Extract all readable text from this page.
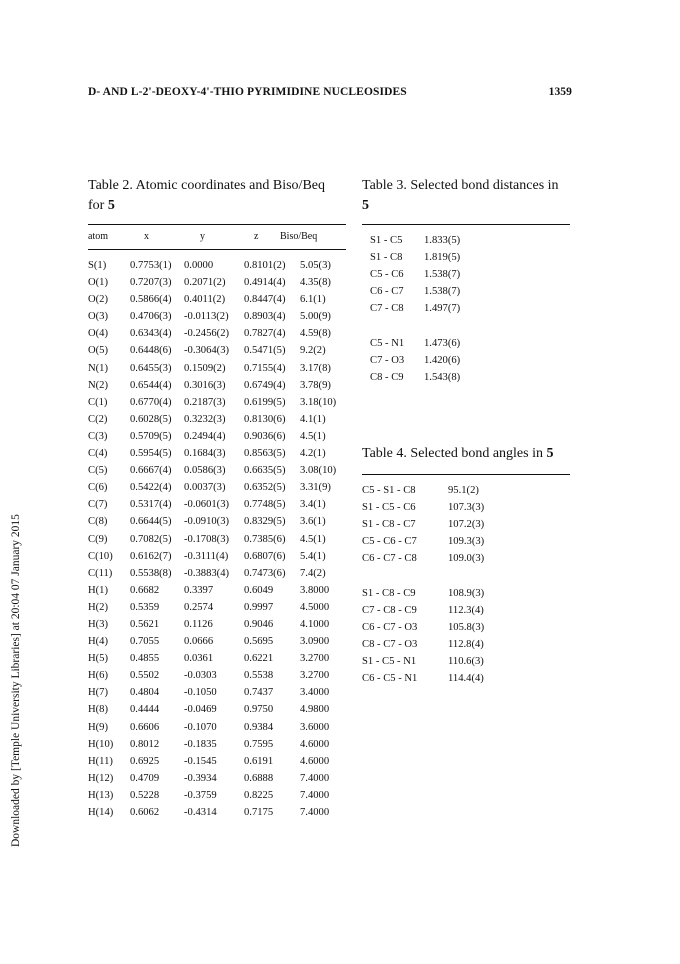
D- AND L-2'-DEOXY-4'-THIO PYRIMIDINE NUCLEOSIDES	1359
Downloaded by [Temple University Libraries] at 20:04 07 January 2015
Table 2. Atomic coordinates and Biso/Beq
for 5
atom	x	y	z Biso/Beq
S(1) 0.7753(1) 0.0000	0.8101(2) 5.05(3)
O(1) 0.7207(3) 0.2071(2) 0.4914(4) 4.35(8)
O(2) 0.5866(4) 0.4011(2) 0.8447(4) 6.1(1)
O(3) 0.4706(3) -0.0113(2) 0.8903(4) 5.00(9)
O(4) 0.6343(4) -0.2456(2) 0.7827(4) 4.59(8)
O(5) 0.6448(6) -0.3064(3) 0.5471(5) 9.2(2)
N(1) 0.6455(3) 0.1509(2) 0.7155(4) 3.17(8)
N(2) 0.6544(4) 0.3016(3) 0.6749(4) 3.78(9)
C(1) 0.6770(4) 0.2187(3) 0.6199(5) 3.18(10)
C(2) 0.6028(5) 0.3232(3) 0.8130(6) 4.1(1)
C(3) 0.5709(5) 0.2494(4) 0.9036(6) 4.5(1)
C(4) 0.5954(5) 0.1684(3) 0.8563(5) 4.2(1)
C(5) 0.6667(4) 0.0586(3) 0.6635(5) 3.08(10)
C(6) 0.5422(4) 0.0037(3) 0.6352(5) 3.31(9)
C(7) 0.5317(4) -0.0601(3) 0.7748(5) 3.4(1)
C(8) 0.6644(5) -0.0910(3) 0.8329(5) 3.6(1)
C(9) 0.7082(5) -0.1708(3) 0.7385(6) 4.5(1)
C(10) 0.6162(7) -0.3111(4) 0.6807(6) 5.4(1)
C(11) 0.5538(8) -0.3883(4) 0.7473(6) 7.4(2)
H(1) 0.6682 0.3397	0.6049	3.8000
H(2) 0.5359 0.2574	0.9997	4.5000
H(3) 0.5621 0.1126	0.9046	4.1000
H(4) 0.7055 0.0666	0.5695	3.0900
H(5) 0.4855 0.0361	0.6221	3.2700
H(6) 0.5502 -0.0303	0.5538	3.2700
H(7) 0.4804 -0.1050	0.7437	3.4000
H(8) 0.4444 -0.0469	0.9750	4.9800
H(9) 0.6606 -0.1070	0.9384	3.6000
H(10) 0.8012 -0.1835	0.7595	4.6000
H(11) 0.6925 -0.1545	0.6191	4.6000
H(12) 0.4709 -0.3934	0.6888	7.4000
H(13) 0.5228 -0.3759	0.8225	7.4000
H(14) 0.6062 -0.4314	0.7175	7.4000
Table 3. Selected bond distances in
5
S1 - C5 1.833(5)
S1 - C8 1.819(5)
C5 - C6 1.538(7)
C6 - C7 1.538(7)
C7 - C8 1.497(7)
C5 - N1 1.473(6)
C7 - O3 1.420(6)
C8 - C9 1.543(8)
Table 4. Selected bond angles in 5
C5 - S1 - C8	95.1(2)
S1 - C5 - C6	107.3(3)
S1 - C8 - C7	107.2(3)
C5 - C6 - C7	109.3(3)
C6 - C7 - C8	109.0(3)
S1 - C8 - C9	108.9(3)
C7 - C8 - C9	112.3(4)
C6 - C7 - O3	105.8(3)
C8 - C7 - O3	112.8(4)
S1 - C5 - N1	110.6(3)
C6 - C5 - N1	114.4(4)
